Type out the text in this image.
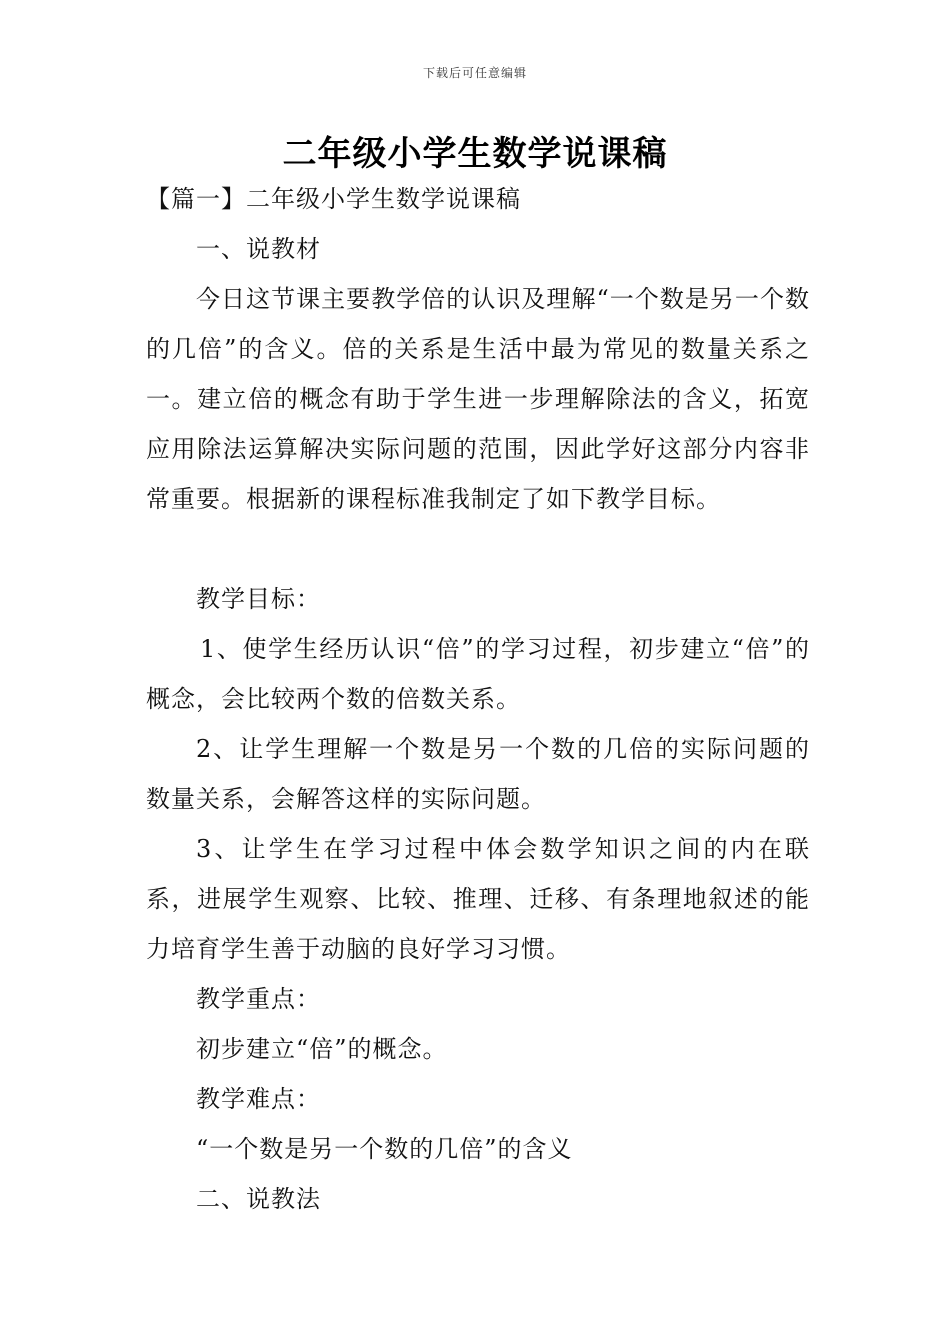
下载后可任意编辑
二年级小学生数学说课稿

【篇一】二年级小学生数学说课稿

一、说教材

今日这节课主要教学倍的认识及理解“一个数是另一个数的几倍”的含义。倍的关系是生活中最为常见的数量关系之一。建立倍的概念有助于学生进一步理解除法的含义，拓宽应用除法运算解决实际问题的范围，因此学好这部分内容非常重要。根据新的课程标准我制定了如下教学目标。

教学目标：

1、使学生经历认识“倍”的学习过程，初步建立“倍”的概念，会比较两个数的倍数关系。

2、让学生理解一个数是另一个数的几倍的实际问题的数量关系，会解答这样的实际问题。

3、让学生在学习过程中体会数学知识之间的内在联系，进展学生观察、比较、推理、迁移、有条理地叙述的能力培育学生善于动脑的良好学习习惯。

教学重点：

初步建立“倍”的概念。

教学难点：

“一个数是另一个数的几倍”的含义

二、说教法
